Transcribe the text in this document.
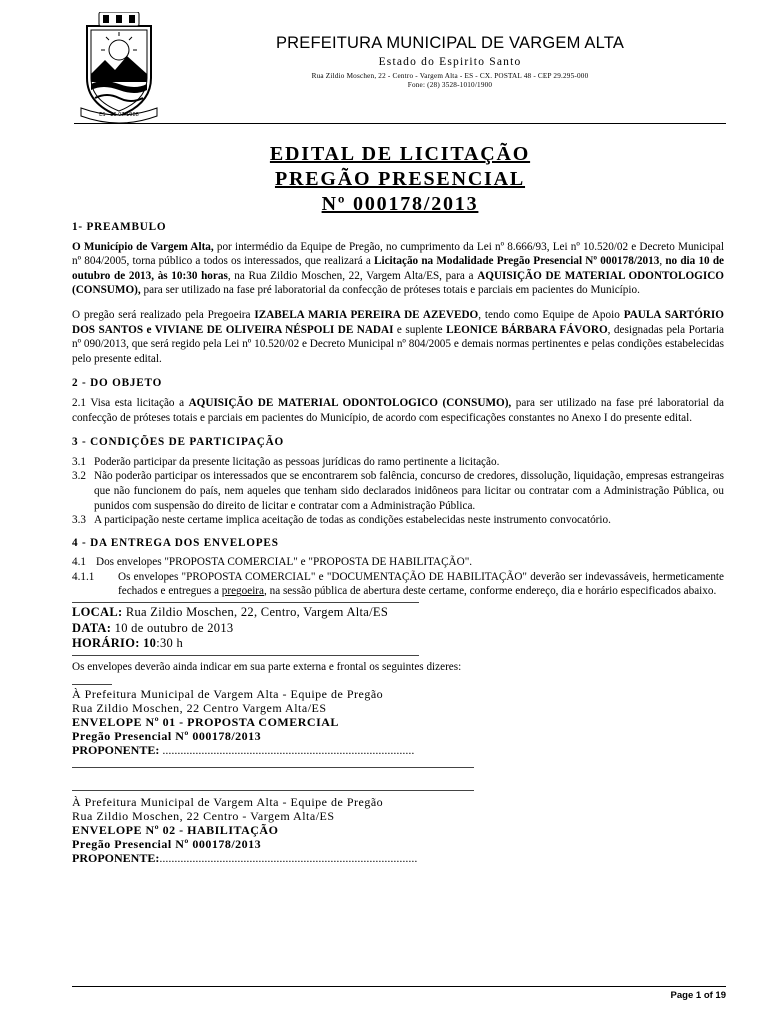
ES · 26·07·1988
PREFEITURA MUNICIPAL DE VARGEM ALTA
Estado do Espirito Santo
Rua Zildio Moschen, 22 - Centro - Vargem Alta - ES - CX. POSTAL 48 - CEP 29.295-000
Fone: (28) 3528-1010/1900
EDITAL DE LICITAÇÃO
PREGÃO PRESENCIAL
Nº 000178/2013
1- PREAMBULO
O Município de Vargem Alta, por intermédio da Equipe de Pregão, no cumprimento da Lei nº 8.666/93, Lei nº 10.520/02 e Decreto Municipal nº 804/2005, torna público a todos os interessados, que realizará a Licitação na Modalidade Pregão Presencial Nº 000178/2013, no dia 10 de outubro de 2013, às 10:30 horas, na Rua Zildio Moschen, 22, Vargem Alta/ES, para a AQUISIÇÃO DE MATERIAL ODONTOLOGICO (CONSUMO), para ser utilizado na fase pré laboratorial da confecção de próteses totais e parciais em pacientes do Município.
O pregão será realizado pela Pregoeira IZABELA MARIA PEREIRA DE AZEVEDO, tendo como Equipe de Apoio PAULA SARTÓRIO DOS SANTOS e VIVIANE DE OLIVEIRA NÉSPOLI DE NADAI e suplente LEONICE BÁRBARA FÁVORO, designadas pela Portaria nº 090/2013, que será regido pela Lei nº 10.520/02 e Decreto Municipal nº 804/2005 e demais normas pertinentes e pelas condições estabelecidas pelo presente edital.
2 - DO OBJETO
2.1 Visa esta licitação a AQUISIÇÃO DE MATERIAL ODONTOLOGICO (CONSUMO), para ser utilizado na fase pré laboratorial da confecção de próteses totais e parciais em pacientes do Município, de acordo com especificações constantes no Anexo I do presente edital.
3 - CONDIÇÕES DE PARTICIPAÇÃO
3.1 Poderão participar da presente licitação as pessoas jurídicas do ramo pertinente a licitação.
3.2 Não poderão participar os interessados que se encontrarem sob falência, concurso de credores, dissolução, liquidação, empresas estrangeiras que não funcionem do país, nem aqueles que tenham sido declarados inidôneos para licitar ou contratar com a Administração Pública, ou punidos com suspensão do direito de licitar e contratar com a Administração Pública.
3.3 A participação neste certame implica aceitação de todas as condições estabelecidas neste instrumento convocatório.
4 - DA ENTREGA DOS ENVELOPES
4.1 Dos envelopes "PROPOSTA COMERCIAL" e "PROPOSTA DE HABILITAÇÃO".
4.1.1	Os envelopes "PROPOSTA COMERCIAL" e "DOCUMENTAÇÃO DE HABILITAÇÃO" deverão ser indevassáveis, hermeticamente fechados e entregues a pregoeira, na sessão pública de abertura deste certame, conforme endereço, dia e horário especificados abaixo.
LOCAL: Rua Zildio Moschen, 22, Centro, Vargem Alta/ES
DATA: 10 de outubro de 2013
HORÁRIO: 10:30 h
Os envelopes deverão ainda indicar em sua parte externa e frontal os seguintes dizeres:
À Prefeitura Municipal de Vargem Alta - Equipe de Pregão
Rua Zildio Moschen, 22 Centro Vargem Alta/ES
ENVELOPE Nº 01 - PROPOSTA COMERCIAL
Pregão Presencial Nº 000178/2013
PROPONENTE: ....................................................................................
À Prefeitura Municipal de Vargem Alta - Equipe de Pregão
Rua Zildio Moschen, 22 Centro - Vargem Alta/ES
ENVELOPE Nº 02 - HABILITAÇÃO
Pregão Presencial Nº 000178/2013
PROPONENTE:......................................................................................
Page 1 of 19
